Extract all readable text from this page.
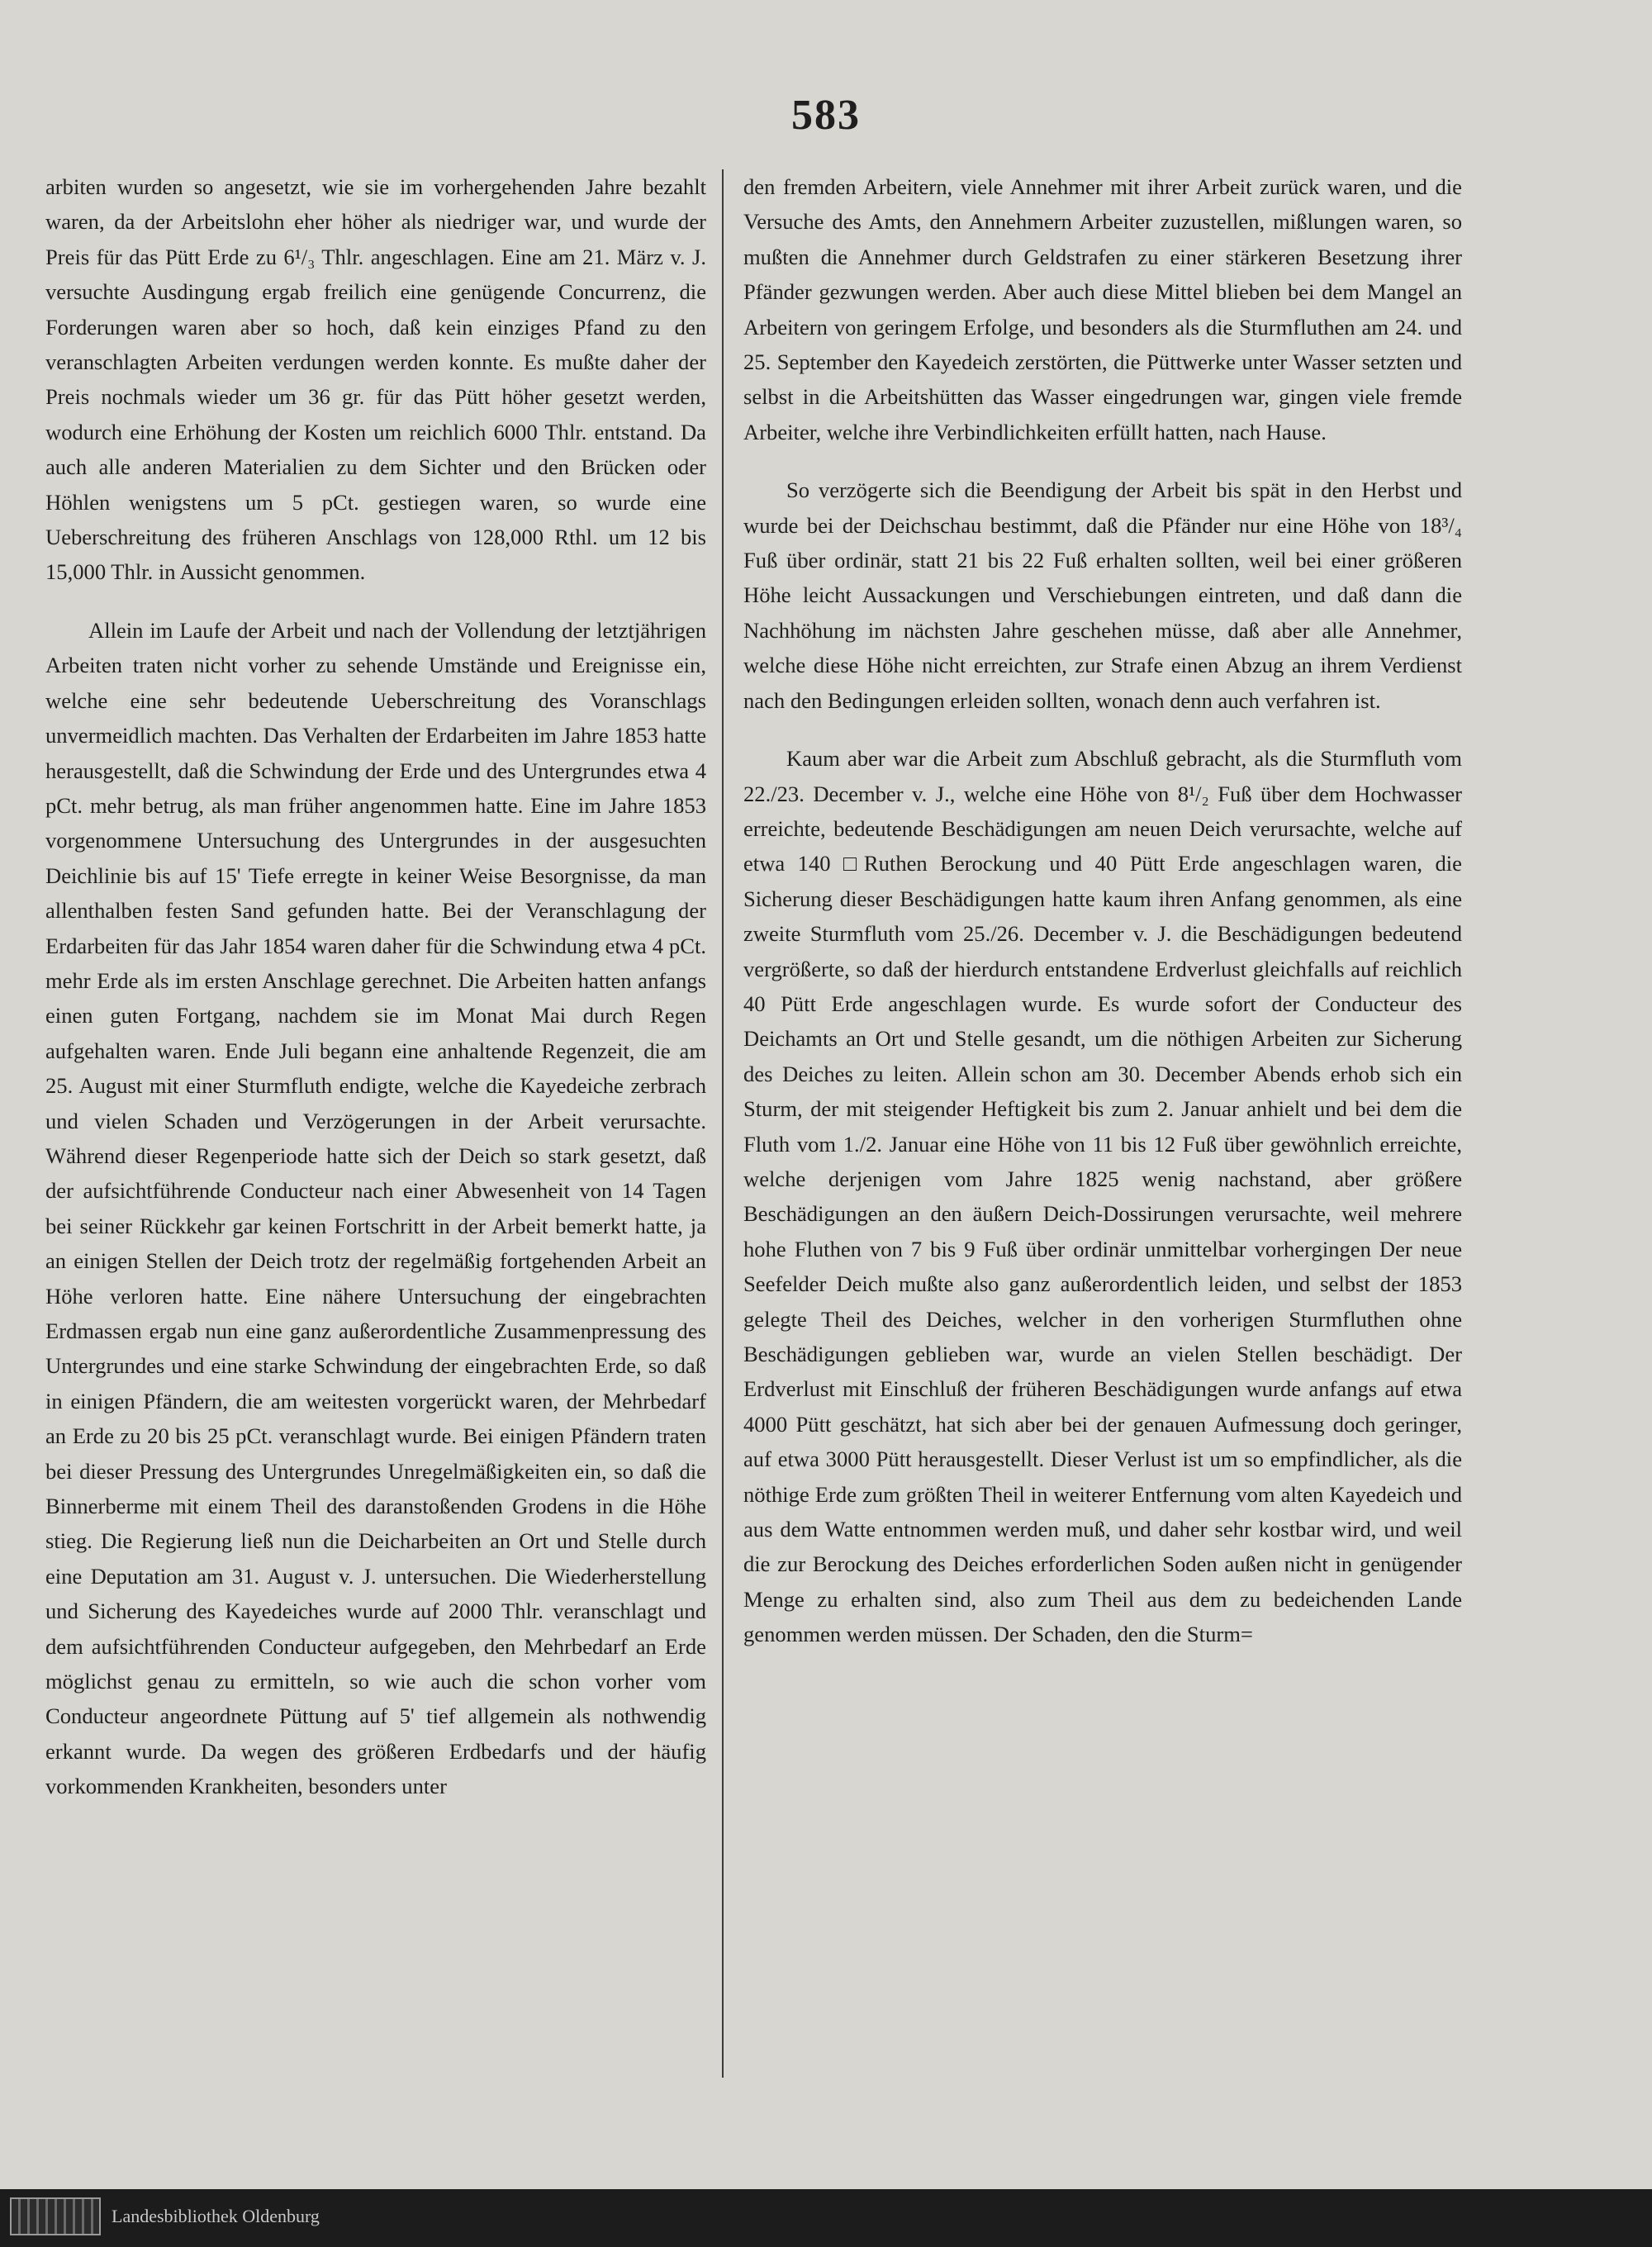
583

arbiten wurden so angesetzt, wie sie im vorhergehenden Jahre bezahlt waren, da der Arbeitslohn eher höher als niedriger war, und wurde der Preis für das Pütt Erde zu 6¹/₃ Thlr. angeschlagen. Eine am 21. März v. J. versuchte Ausdingung ergab freilich eine genügende Concurrenz, die Forderungen waren aber so hoch, daß kein einziges Pfand zu den veranschlagten Arbeiten verdungen werden konnte. Es mußte daher der Preis nochmals wieder um 36 gr. für das Pütt höher gesetzt werden, wodurch eine Erhöhung der Kosten um reichlich 6000 Thlr. entstand. Da auch alle anderen Materialien zu dem Sichter und den Brücken oder Höhlen wenigstens um 5 pCt. gestiegen waren, so wurde eine Ueberschreitung des früheren Anschlags von 128,000 Rthl. um 12 bis 15,000 Thlr. in Aussicht genommen.

Allein im Laufe der Arbeit und nach der Vollendung der letztjährigen Arbeiten traten nicht vorher zu sehende Umstände und Ereignisse ein, welche eine sehr bedeutende Ueberschreitung des Voranschlags unvermeidlich machten. Das Verhalten der Erdarbeiten im Jahre 1853 hatte herausgestellt, daß die Schwindung der Erde und des Untergrundes etwa 4 pCt. mehr betrug, als man früher angenommen hatte. Eine im Jahre 1853 vorgenommene Untersuchung des Untergrundes in der ausgesuchten Deichlinie bis auf 15' Tiefe erregte in keiner Weise Besorgnisse, da man allenthalben festen Sand gefunden hatte. Bei der Veranschlagung der Erdarbeiten für das Jahr 1854 waren daher für die Schwindung etwa 4 pCt. mehr Erde als im ersten Anschlage gerechnet. Die Arbeiten hatten anfangs einen guten Fortgang, nachdem sie im Monat Mai durch Regen aufgehalten waren. Ende Juli begann eine anhaltende Regenzeit, die am 25. August mit einer Sturmfluth endigte, welche die Kayedeiche zerbrach und vielen Schaden und Verzögerungen in der Arbeit verursachte. Während dieser Regenperiode hatte sich der Deich so stark gesetzt, daß der aufsichtführende Conducteur nach einer Abwesenheit von 14 Tagen bei seiner Rückkehr gar keinen Fortschritt in der Arbeit bemerkt hatte, ja an einigen Stellen der Deich trotz der regelmäßig fortgehenden Arbeit an Höhe verloren hatte. Eine nähere Untersuchung der eingebrachten Erdmassen ergab nun eine ganz außerordentliche Zusammenpressung des Untergrundes und eine starke Schwindung der eingebrachten Erde, so daß in einigen Pfändern, die am weitesten vorgerückt waren, der Mehrbedarf an Erde zu 20 bis 25 pCt. veranschlagt wurde. Bei einigen Pfändern traten bei dieser Pressung des Untergrundes Unregelmäßigkeiten ein, so daß die Binnerberme mit einem Theil des daranstoßenden Grodens in die Höhe stieg. Die Regierung ließ nun die Deicharbeiten an Ort und Stelle durch eine Deputation am 31. August v. J. untersuchen. Die Wiederherstellung und Sicherung des Kayedeiches wurde auf 2000 Thlr. veranschlagt und dem aufsichtführenden Conducteur aufgegeben, den Mehrbedarf an Erde möglichst genau zu ermitteln, so wie auch die schon vorher vom Conducteur angeordnete Püttung auf 5' tief allgemein als nothwendig erkannt wurde. Da wegen des größeren Erdbedarfs und der häufig vorkommenden Krankheiten, besonders unter

den fremden Arbeitern, viele Annehmer mit ihrer Arbeit zurück waren, und die Versuche des Amts, den Annehmern Arbeiter zuzustellen, mißlungen waren, so mußten die Annehmer durch Geldstrafen zu einer stärkeren Besetzung ihrer Pfänder gezwungen werden. Aber auch diese Mittel blieben bei dem Mangel an Arbeitern von geringem Erfolge, und besonders als die Sturmfluthen am 24. und 25. September den Kayedeich zerstörten, die Püttwerke unter Wasser setzten und selbst in die Arbeitshütten das Wasser eingedrungen war, gingen viele fremde Arbeiter, welche ihre Verbindlichkeiten erfüllt hatten, nach Hause.

So verzögerte sich die Beendigung der Arbeit bis spät in den Herbst und wurde bei der Deichschau bestimmt, daß die Pfänder nur eine Höhe von 18³/₄ Fuß über ordinär, statt 21 bis 22 Fuß erhalten sollten, weil bei einer größeren Höhe leicht Aussackungen und Verschiebungen eintreten, und daß dann die Nachhöhung im nächsten Jahre geschehen müsse, daß aber alle Annehmer, welche diese Höhe nicht erreichten, zur Strafe einen Abzug an ihrem Verdienst nach den Bedingungen erleiden sollten, wonach denn auch verfahren ist.

Kaum aber war die Arbeit zum Abschluß gebracht, als die Sturmfluth vom 22./23. December v. J., welche eine Höhe von 8¹/₂ Fuß über dem Hochwasser erreichte, bedeutende Beschädigungen am neuen Deich verursachte, welche auf etwa 140 □Ruthen Berockung und 40 Pütt Erde angeschlagen waren, die Sicherung dieser Beschädigungen hatte kaum ihren Anfang genommen, als eine zweite Sturmfluth vom 25./26. December v. J. die Beschädigungen bedeutend vergrößerte, so daß der hierdurch entstandene Erdverlust gleichfalls auf reichlich 40 Pütt Erde angeschlagen wurde. Es wurde sofort der Conducteur des Deichamts an Ort und Stelle gesandt, um die nöthigen Arbeiten zur Sicherung des Deiches zu leiten. Allein schon am 30. December Abends erhob sich ein Sturm, der mit steigender Heftigkeit bis zum 2. Januar anhielt und bei dem die Fluth vom 1./2. Januar eine Höhe von 11 bis 12 Fuß über gewöhnlich erreichte, welche derjenigen vom Jahre 1825 wenig nachstand, aber größere Beschädigungen an den äußern Deich-Dossirungen verursachte, weil mehrere hohe Fluthen von 7 bis 9 Fuß über ordinär unmittelbar vorhergingen Der neue Seefelder Deich mußte also ganz außerordentlich leiden, und selbst der 1853 gelegte Theil des Deiches, welcher in den vorherigen Sturmfluthen ohne Beschädigungen geblieben war, wurde an vielen Stellen beschädigt. Der Erdverlust mit Einschluß der früheren Beschädigungen wurde anfangs auf etwa 4000 Pütt geschätzt, hat sich aber bei der genauen Aufmessung doch geringer, auf etwa 3000 Pütt herausgestellt. Dieser Verlust ist um so empfindlicher, als die nöthige Erde zum größten Theil in weiterer Entfernung vom alten Kayedeich und aus dem Watte entnommen werden muß, und daher sehr kostbar wird, und weil die zur Berockung des Deiches erforderlichen Soden außen nicht in genügender Menge zu erhalten sind, also zum Theil aus dem zu bedeichenden Lande genommen werden müssen. Der Schaden, den die Sturm=

Landesbibliothek Oldenburg
